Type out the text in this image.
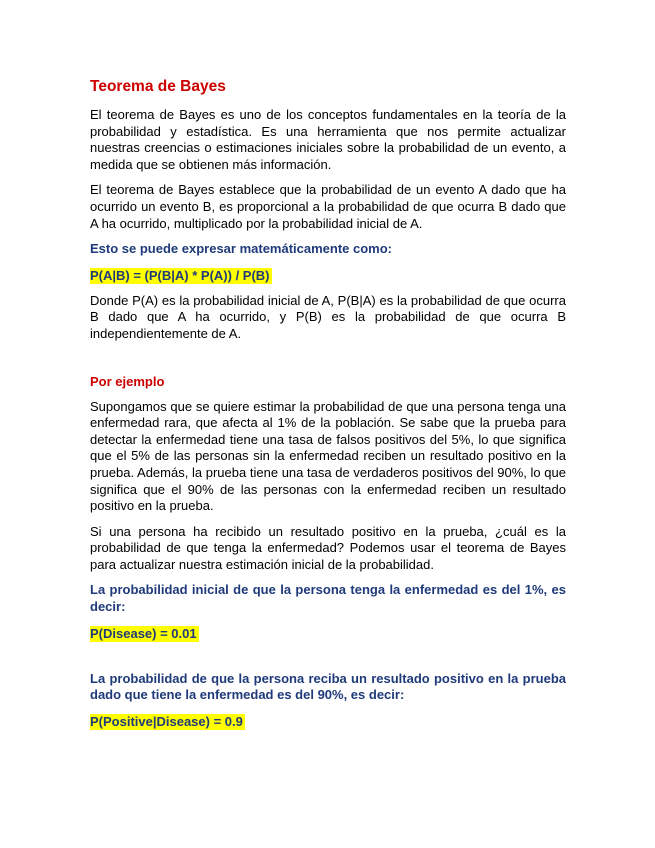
Teorema de Bayes

El teorema de Bayes es uno de los conceptos fundamentales en la teoría de la probabilidad y estadística. Es una herramienta que nos permite actualizar nuestras creencias o estimaciones iniciales sobre la probabilidad de un evento, a medida que se obtienen más información.

El teorema de Bayes establece que la probabilidad de un evento A dado que ha ocurrido un evento B, es proporcional a la probabilidad de que ocurra B dado que A ha ocurrido, multiplicado por la probabilidad inicial de A.

Esto se puede expresar matemáticamente como:
P(A|B) = (P(B|A) * P(A)) / P(B)

Donde P(A) es la probabilidad inicial de A, P(B|A) es la probabilidad de que ocurra B dado que A ha ocurrido, y P(B) es la probabilidad de que ocurra B independientemente de A.

Por ejemplo

Supongamos que se quiere estimar la probabilidad de que una persona tenga una enfermedad rara, que afecta al 1% de la población. Se sabe que la prueba para detectar la enfermedad tiene una tasa de falsos positivos del 5%, lo que significa que el 5% de las personas sin la enfermedad reciben un resultado positivo en la prueba. Además, la prueba tiene una tasa de verdaderos positivos del 90%, lo que significa que el 90% de las personas con la enfermedad reciben un resultado positivo en la prueba.

Si una persona ha recibido un resultado positivo en la prueba, ¿cuál es la probabilidad de que tenga la enfermedad? Podemos usar el teorema de Bayes para actualizar nuestra estimación inicial de la probabilidad.

La probabilidad inicial de que la persona tenga la enfermedad es del 1%, es decir:
P(Disease) = 0.01
La probabilidad de que la persona reciba un resultado positivo en la prueba dado que tiene la enfermedad es del 90%, es decir:
P(Positive|Disease) = 0.9
